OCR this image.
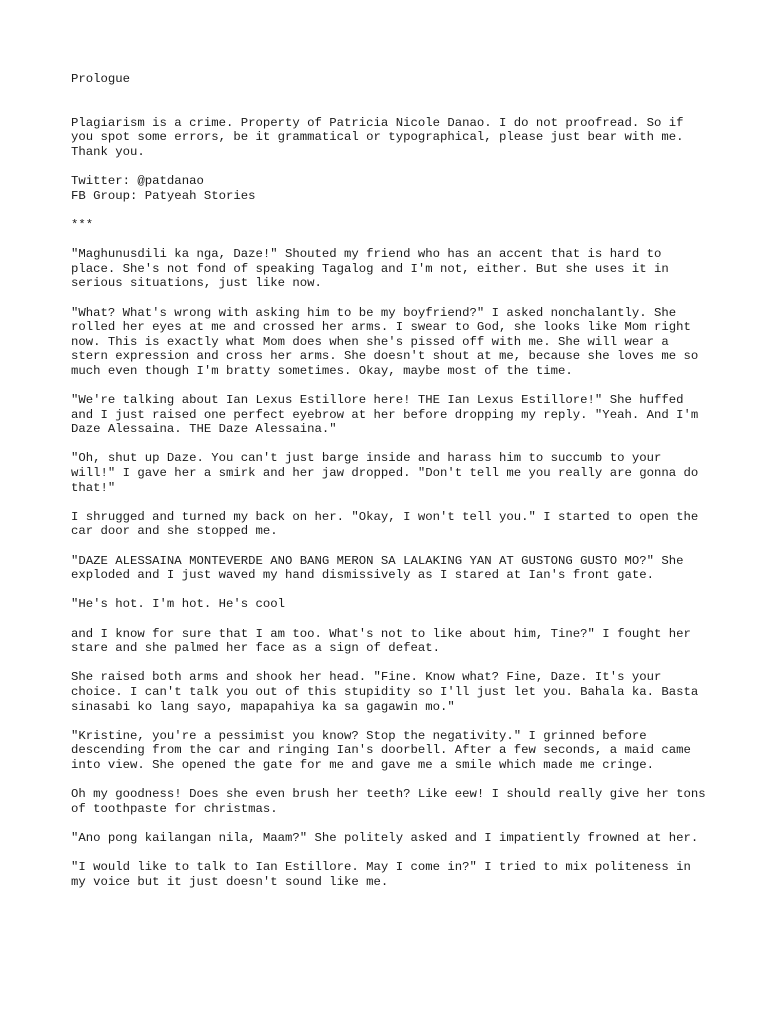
Prologue

Plagiarism is a crime. Property of Patricia Nicole Danao. I do not proofread. So if you spot some errors, be it grammatical or typographical, please just bear with me. Thank you.

Twitter: @patdanao
FB Group: Patyeah Stories

***

"Maghunusdili ka nga, Daze!" Shouted my friend who has an accent that is hard to place. She's not fond of speaking Tagalog and I'm not, either. But she uses it in serious situations, just like now.

"What? What's wrong with asking him to be my boyfriend?" I asked nonchalantly. She rolled her eyes at me and crossed her arms. I swear to God, she looks like Mom right now. This is exactly what Mom does when she's pissed off with me. She will wear a stern expression and cross her arms. She doesn't shout at me, because she loves me so much even though I'm bratty sometimes. Okay, maybe most of the time.

"We're talking about Ian Lexus Estillore here! THE Ian Lexus Estillore!" She huffed and I just raised one perfect eyebrow at her before dropping my reply. "Yeah. And I'm Daze Alessaina. THE Daze Alessaina."

"Oh, shut up Daze. You can't just barge inside and harass him to succumb to your will!" I gave her a smirk and her jaw dropped. "Don't tell me you really are gonna do that!"

I shrugged and turned my back on her. "Okay, I won't tell you." I started to open the car door and she stopped me.

"DAZE ALESSAINA MONTEVERDE ANO BANG MERON SA LALAKING YAN AT GUSTONG GUSTO MO?" She exploded and I just waved my hand dismissively as I stared at Ian's front gate.

"He's hot. I'm hot. He's cool

and I know for sure that I am too. What's not to like about him, Tine?" I fought her stare and she palmed her face as a sign of defeat.

She raised both arms and shook her head. "Fine. Know what? Fine, Daze. It's your choice. I can't talk you out of this stupidity so I'll just let you. Bahala ka. Basta sinasabi ko lang sayo, mapapahiya ka sa gagawin mo."

"Kristine, you're a pessimist you know? Stop the negativity." I grinned before descending from the car and ringing Ian's doorbell. After a few seconds, a maid came into view. She opened the gate for me and gave me a smile which made me cringe.

Oh my goodness! Does she even brush her teeth? Like eew! I should really give her tons of toothpaste for christmas.

"Ano pong kailangan nila, Maam?" She politely asked and I impatiently frowned at her.

"I would like to talk to Ian Estillore. May I come in?" I tried to mix politeness in my voice but it just doesn't sound like me.
